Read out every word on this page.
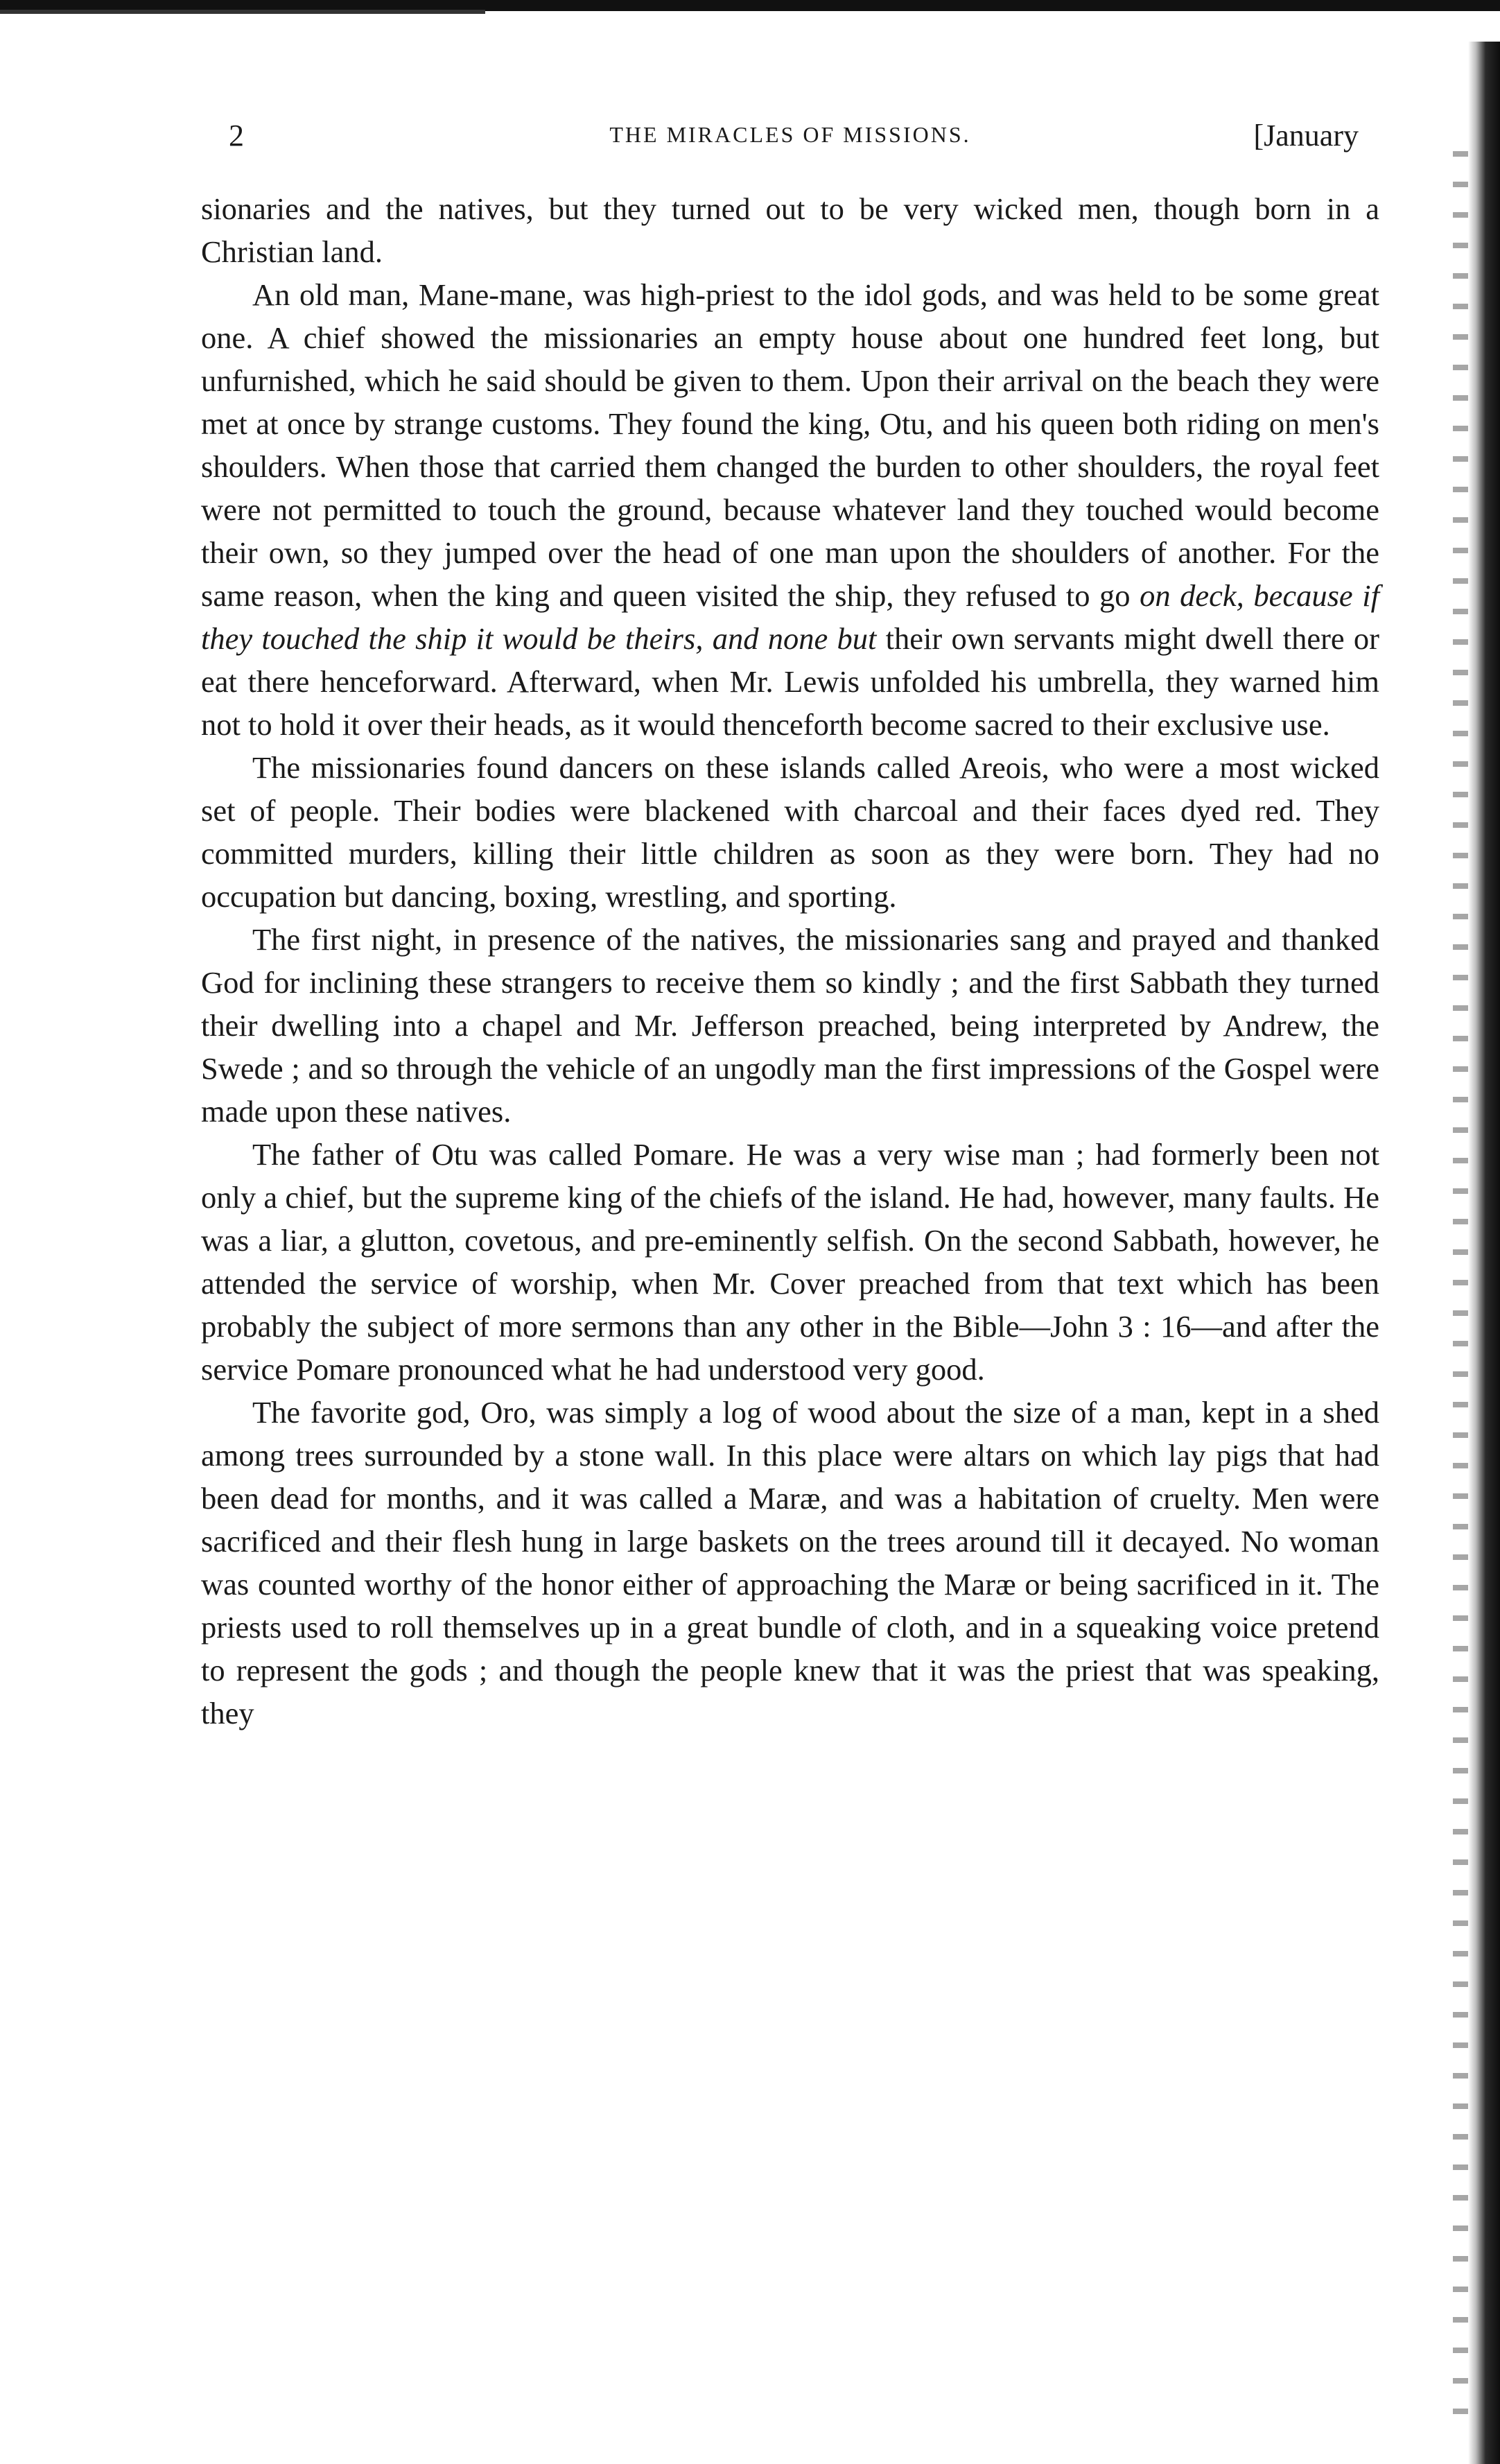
2	THE MIRACLES OF MISSIONS.	[January

sionaries and the natives, but they turned out to be very wicked men, though born in a Christian land.

An old man, Mane-mane, was high-priest to the idol gods, and was held to be some great one. A chief showed the missionaries an empty house about one hundred feet long, but unfurnished, which he said should be given to them. Upon their arrival on the beach they were met at once by strange customs. They found the king, Otu, and his queen both riding on men's shoulders. When those that carried them changed the burden to other shoulders, the royal feet were not permitted to touch the ground, because whatever land they touched would become their own, so they jumped over the head of one man upon the shoulders of another. For the same reason, when the king and queen visited the ship, they refused to go on deck, because if they touched the ship it would be theirs, and none but their own servants might dwell there or eat there henceforward. Afterward, when Mr. Lewis unfolded his umbrella, they warned him not to hold it over their heads, as it would thenceforth become sacred to their exclusive use.

The missionaries found dancers on these islands called Areois, who were a most wicked set of people. Their bodies were blackened with charcoal and their faces dyed red. They committed murders, killing their little children as soon as they were born. They had no occupation but dancing, boxing, wrestling, and sporting.

The first night, in presence of the natives, the missionaries sang and prayed and thanked God for inclining these strangers to receive them so kindly ; and the first Sabbath they turned their dwelling into a chapel and Mr. Jefferson preached, being interpreted by Andrew, the Swede ; and so through the vehicle of an ungodly man the first impressions of the Gospel were made upon these natives.

The father of Otu was called Pomare. He was a very wise man ; had formerly been not only a chief, but the supreme king of the chiefs of the island. He had, however, many faults. He was a liar, a glutton, covetous, and pre-eminently selfish. On the second Sabbath, however, he attended the service of worship, when Mr. Cover preached from that text which has been probably the subject of more sermons than any other in the Bible—John 3 : 16—and after the service Pomare pronounced what he had understood very good.

The favorite god, Oro, was simply a log of wood about the size of a man, kept in a shed among trees surrounded by a stone wall. In this place were altars on which lay pigs that had been dead for months, and it was called a Maræ, and was a habitation of cruelty. Men were sacrificed and their flesh hung in large baskets on the trees around till it decayed. No woman was counted worthy of the honor either of approaching the Maræ or being sacrificed in it. The priests used to roll themselves up in a great bundle of cloth, and in a squeaking voice pretend to represent the gods ; and though the people knew that it was the priest that was speaking, they
